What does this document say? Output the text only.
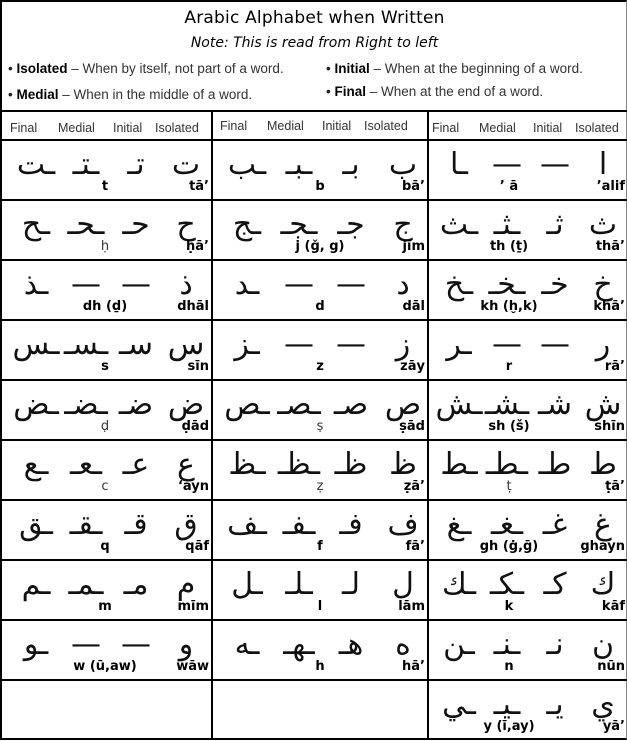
Arabic Alphabet when Written
Note: This is read from Right to left
• Isolated – When by itself, not part of a word.	• Initial – When at the beginning of a word.
• Medial – When in the middle of a word.	• Final – When at the end of a word.
Final Medial Initial Isolated Final Medial Initial Isolated Final Medial Initial Isolated
ـت ـتـ تـ ت
t	tā’
ـب ـبـ	بـ ب
b	bā’
ـا — — ا
’ ā	’alif
ـح ـحـ حـ ح
ḥ	ḥā’
ـج ـجـ جـ ج
j (ǧ, g)	jīm
ـث ـثـ ثـ ث
th (ṯ)	thā’
ـذ — — ذ
dh (ḏ)	dhāl
ـد — —	د
d	dāl
ـخ ـخـ خـ خ
kh (ḫ,k)	khā’
ـس ـسـ سـ س
s	sīn
ـز — — ز
z	zāy
ـر — — ر
r	rā’
ـض ـضـ ضـ ض
ḍ	ḍād
ـص ـصـ صـ ص
ṣ	ṣād
ـش ـشـ شـ ش
sh (š)	shīn
ـع ـعـ عـ ع
c	‘ayn
ـظ ـظـ ظـ ظ
ẓ	ẓā’
ـط ـطـ طـ ط
ṭ	ṭā’
ـق ـقـ قـ ق
q	qāf
ـف ـفـ فـ ف
f	fā’
ـغ ـغـ غـ غ
gh (ġ,ḡ)	ghayn
ـم ـمـ مـ م
m	mīm
ـل ـلـ لـ	ل
l	lām
ـك ـكـ كـ ك
k	kāf
ـو — — و
w (ū,aw)	wāw
ـه ـهـ هـ	ه
h	hā’
ـن ـنـ نـ ن
n	nūn
ـي ـيـ يـ ي
y (ī,ay)	yā’
